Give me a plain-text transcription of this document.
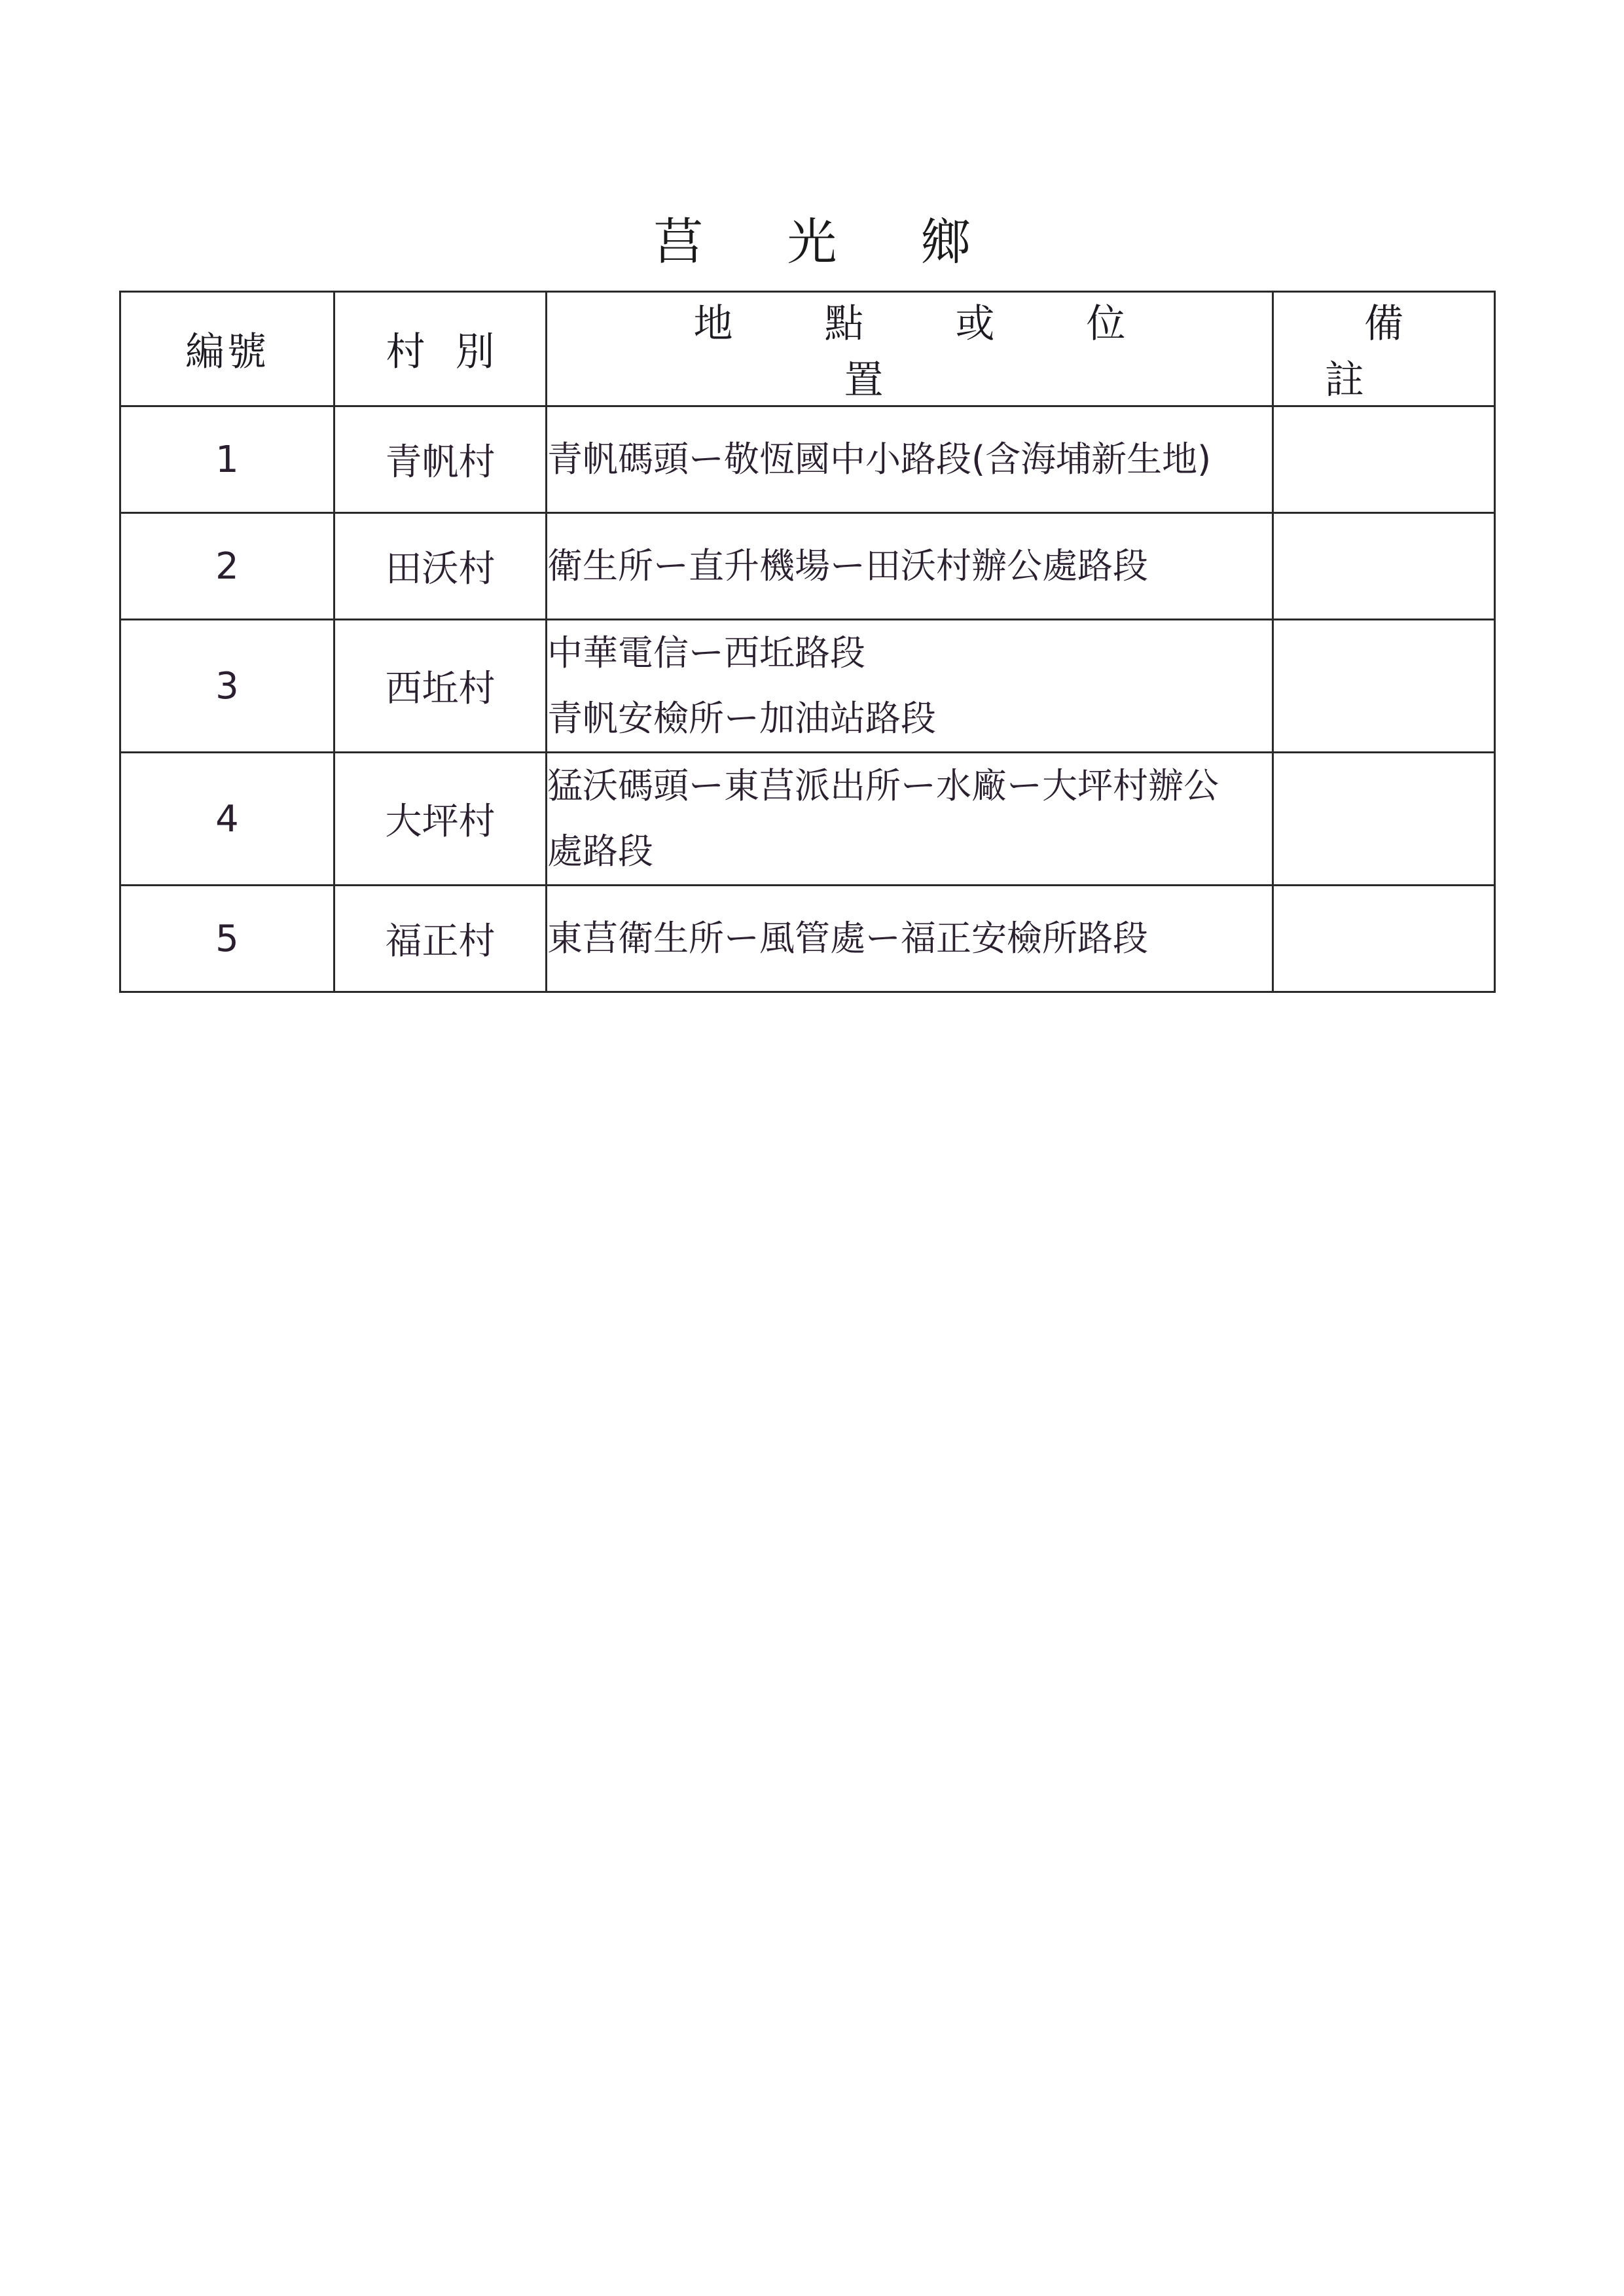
莒 光 鄉
編號	村別	地點或位置	備註
1	青帆村	青帆碼頭ー敬恆國中小路段(含海埔新生地)	
2	田沃村	衛生所ー直升機場ー田沃村辦公處路段	
3	西坵村	中華電信ー西坵路段
青帆安檢所ー加油站路段	
4	大坪村	猛沃碼頭ー東莒派出所ー水廠ー大坪村辦公
處路段	
5	福正村	東莒衛生所ー風管處ー福正安檢所路段	
